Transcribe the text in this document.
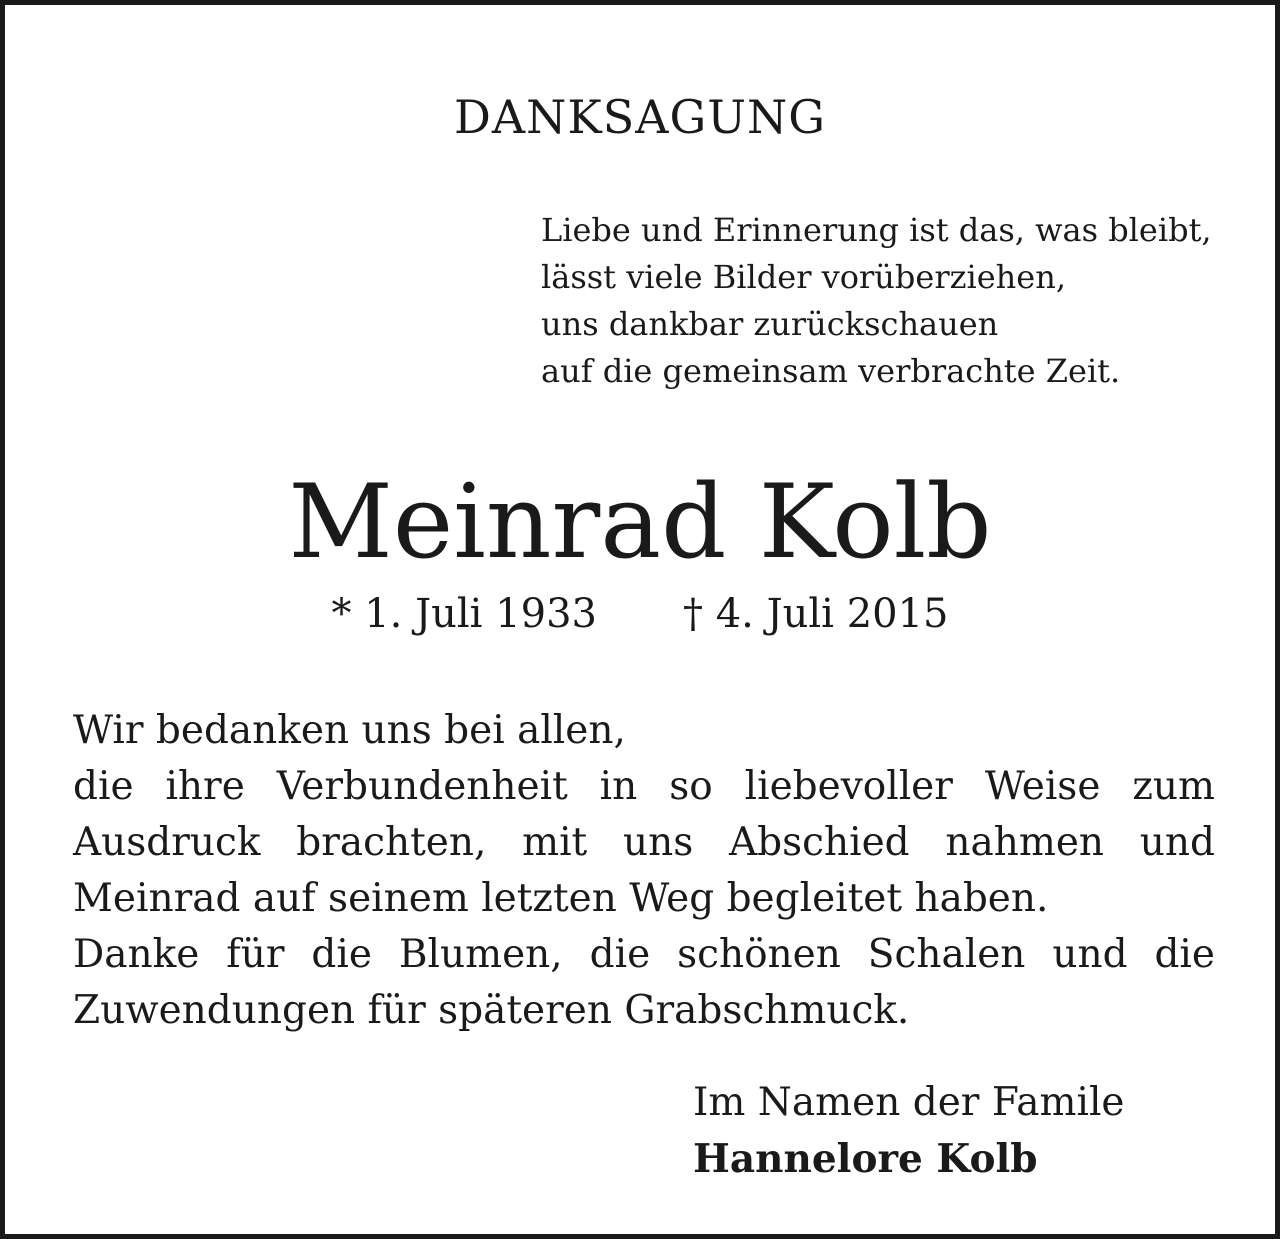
DANKSAGUNG
Liebe und Erinnerung ist das, was bleibt,
lässt viele Bilder vorüberziehen,
uns dankbar zurückschauen
auf die gemeinsam verbrachte Zeit.
Meinrad Kolb
* 1. Juli 1933 † 4. Juli 2015
Wir bedanken uns bei allen,
die ihre Verbundenheit in so liebevoller Weise zum
Ausdruck brachten, mit uns Abschied nahmen und
Meinrad auf seinem letzten Weg begleitet haben.
Danke für die Blumen, die schönen Schalen und die
Zuwendungen für späteren Grabschmuck.
Im Namen der Famile
Hannelore Kolb
